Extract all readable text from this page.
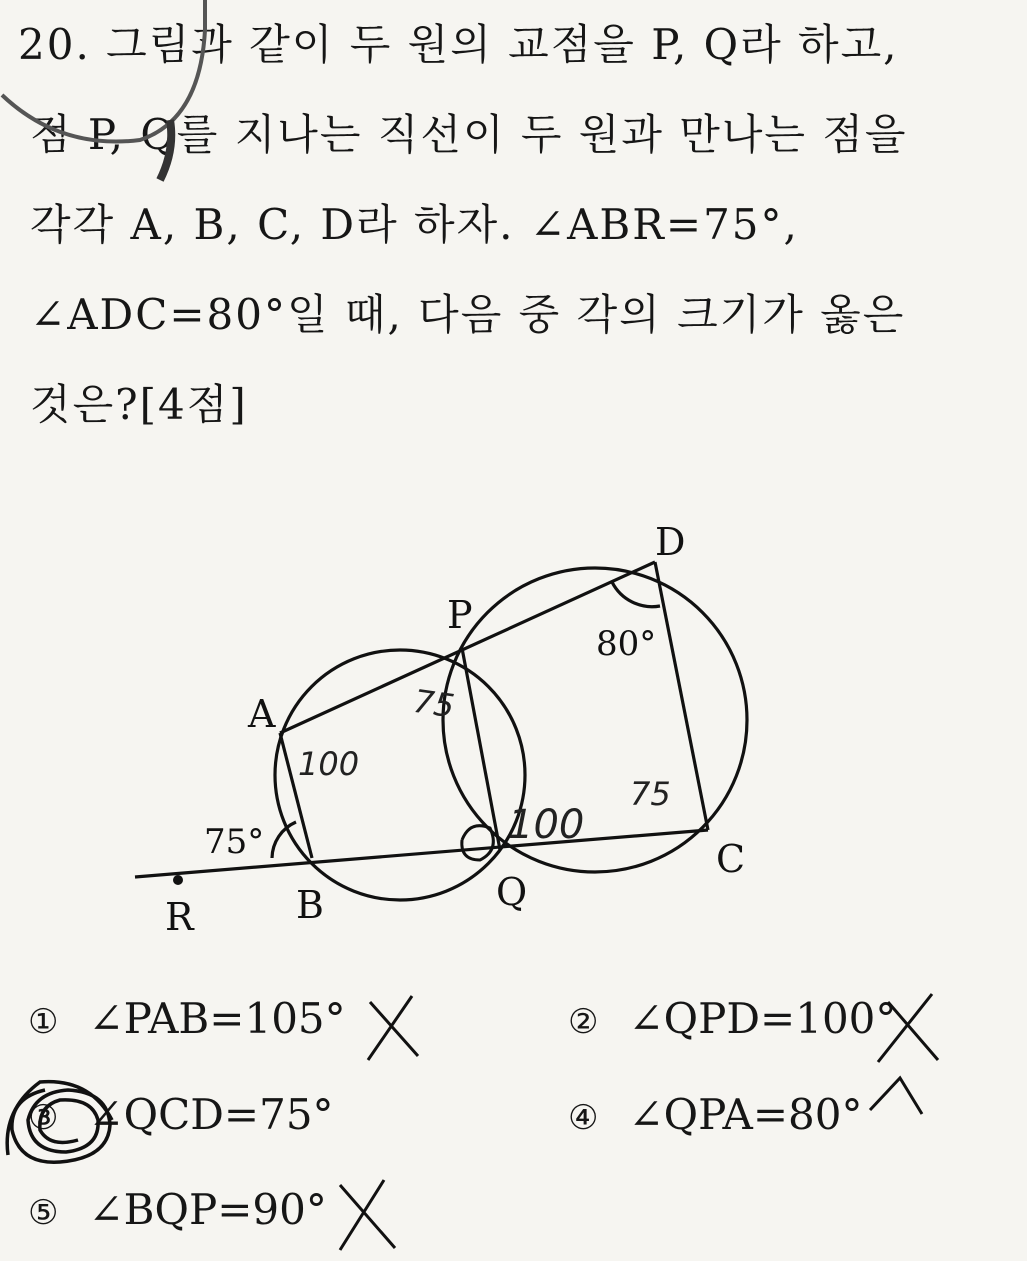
20. 그림과 같이 두 원의 교점을 P, Q라 하고,
점 P, Q를 지나는 직선이 두 원과 만나는 점을
각각 A, B, C, D라 하자. ∠ABR=75°,
∠ADC=80°일 때, 다음 중 각의 크기가 옳은
것은?[4점]
A
P
D
B	Q
C
R
75°
80°
100
75
100
75
① ∠PAB=105°	② ∠QPD=100°
③ ∠QCD=75°	④ ∠QPA=80°
⑤ ∠BQP=90°
